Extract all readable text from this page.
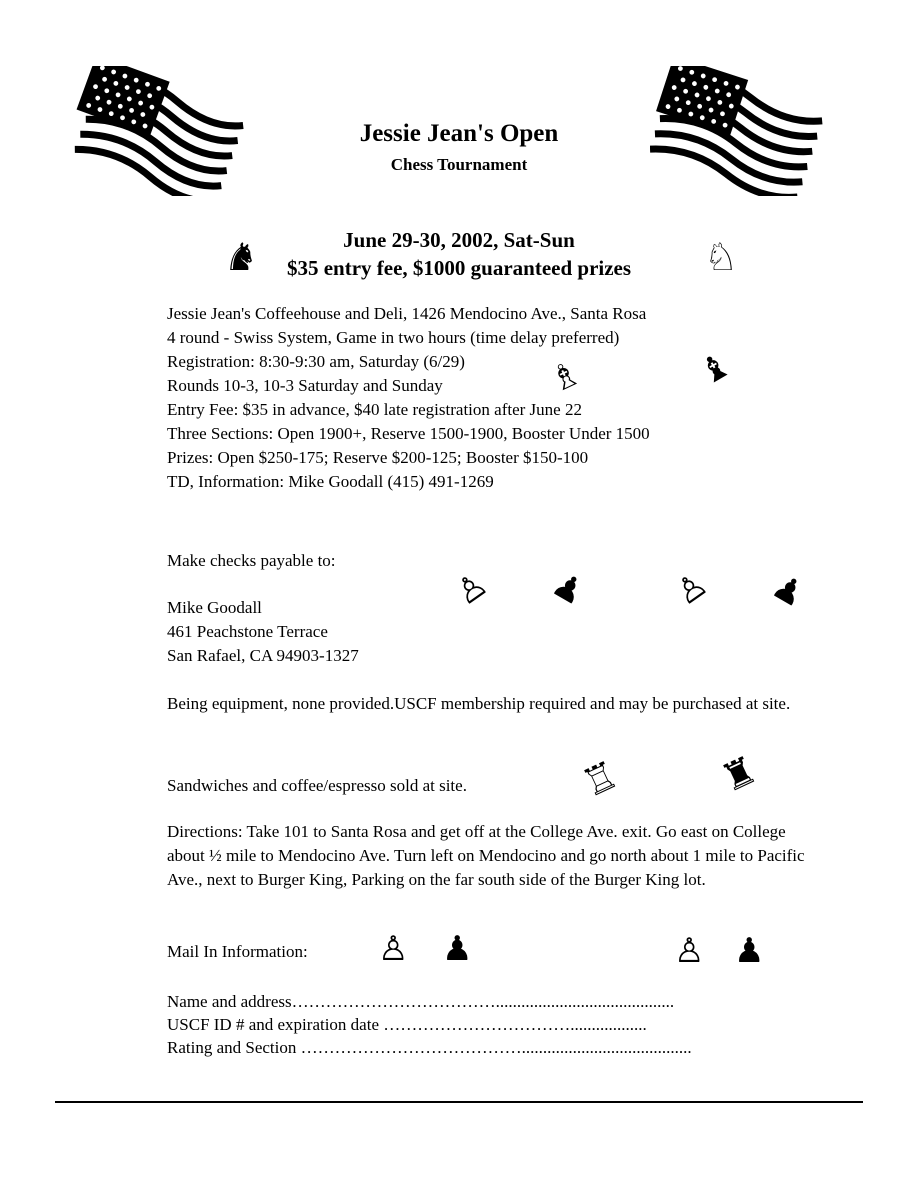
Jessie Jean's Open
Chess Tournament
June 29-30, 2002, Sat-Sun
$35 entry fee, $1000 guaranteed prizes
♞	♘
Jessie Jean's Coffeehouse and Deli, 1426 Mendocino Ave., Santa Rosa
4 round - Swiss System, Game in two hours (time delay preferred)
Registration: 8:30-9:30 am, Saturday (6/29)
Rounds 10-3, 10-3 Saturday and Sunday
Entry Fee: $35 in advance, $40 late registration after June 22
Three Sections: Open 1900+, Reserve 1500-1900, Booster Under 1500
Prizes: Open $250-175; Reserve $200-125; Booster $150-100
TD, Information: Mike Goodall (415) 491-1269
♗	♝
Make checks payable to:
Mike Goodall
461 Peachstone Terrace
San Rafael, CA 94903-1327
♙ ♟ ♙ ♟
Being equipment, none provided.USCF membership required and may be purchased at site.
Sandwiches and coffee/espresso sold at site.	♖ ♜
Directions: Take 101 to Santa Rosa and get off at the College Ave. exit. Go east on College about ½ mile to Mendocino Ave. Turn left on Mendocino and go north about 1 mile to Pacific Ave., next to Burger King, Parking on the far south side of the Burger King lot.
Mail In Information: ♙ ♟	♙ ♟
Name and address………………………………..........................................
USCF ID # and expiration date ……………………………..................
Rating and Section …………………………………........................................
